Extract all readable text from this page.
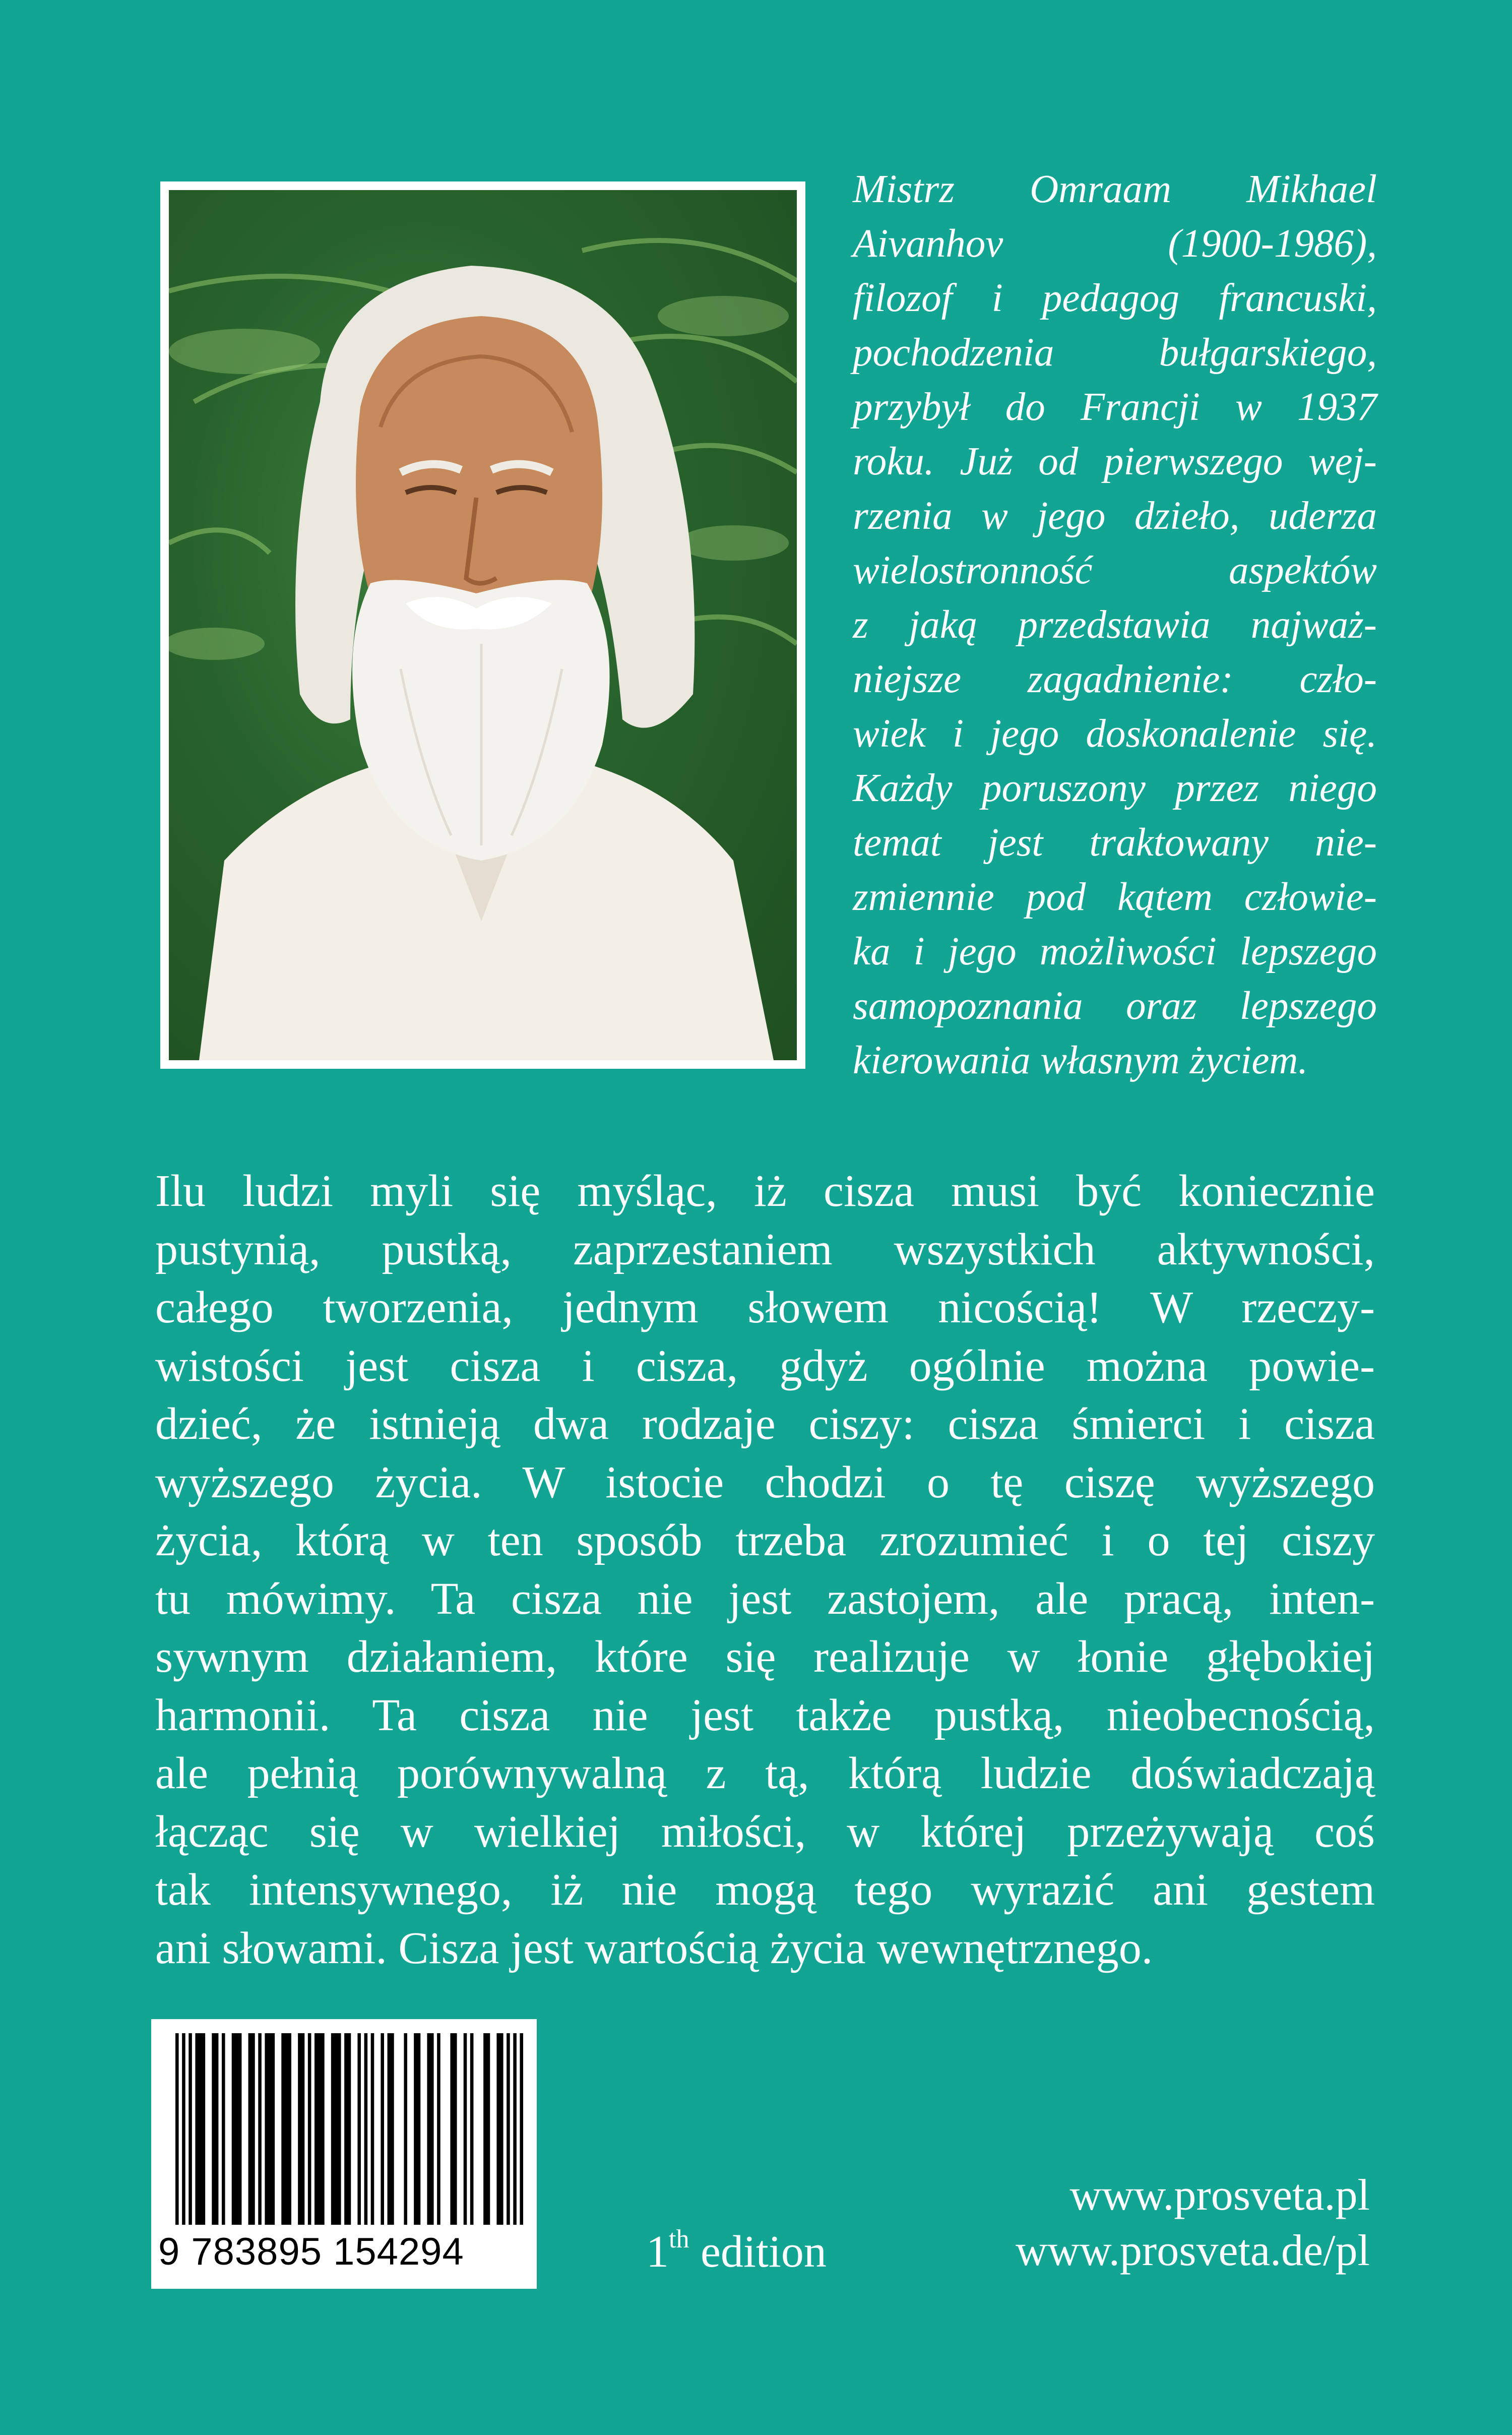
Mistrz Omraam Mikhael
Aivanhov (1900-1986),
filozof i pedagog francuski,
pochodzenia bułgarskiego,
przybył do Francji w 1937
roku. Już od pierwszego wej-
rzenia w jego dzieło, uderza
wielostronność aspektów
z jaką przedstawia najważ-
niejsze zagadnienie: czło-
wiek i jego doskonalenie się.
Każdy poruszony przez niego
temat jest traktowany nie-
zmiennie pod kątem człowie-
ka i jego możliwości lepszego
samopoznania oraz lepszego
kierowania własnym życiem.

Ilu ludzi myli się myśląc, iż cisza musi być koniecznie
pustynią, pustką, zaprzestaniem wszystkich aktywności,
całego tworzenia, jednym słowem nicością! W rzeczy-
wistości jest cisza i cisza, gdyż ogólnie można powie-
dzieć, że istnieją dwa rodzaje ciszy: cisza śmierci i cisza
wyższego życia. W istocie chodzi o tę ciszę wyższego
życia, którą w ten sposób trzeba zrozumieć i o tej ciszy
tu mówimy. Ta cisza nie jest zastojem, ale pracą, inten-
sywnym działaniem, które się realizuje w łonie głębokiej
harmonii. Ta cisza nie jest także pustką, nieobecnością,
ale pełnią porównywalną z tą, którą ludzie doświadczają
łącząc się w wielkiej miłości, w której przeżywają coś
tak intensywnego, iż nie mogą tego wyrazić ani gestem
ani słowami. Cisza jest wartością życia wewnętrznego.

9 783895 154294	1th edition
www.prosveta.pl
www.prosveta.de/pl
